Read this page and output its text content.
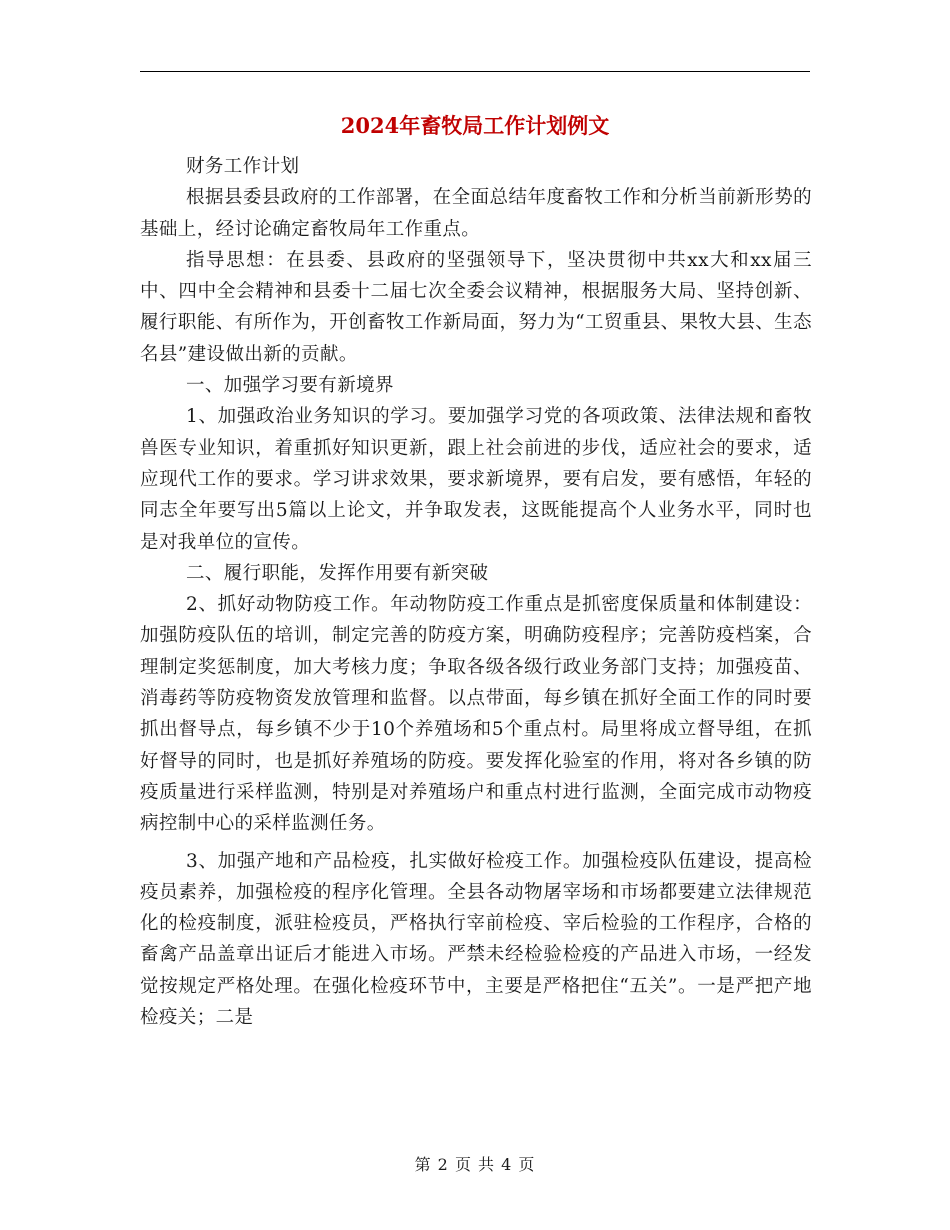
2024年畜牧局工作计划例文

财务工作计划

根据县委县政府的工作部署，在全面总结年度畜牧工作和分析当前新形势的基础上，经讨论确定畜牧局年工作重点。

指导思想：在县委、县政府的坚强领导下，坚决贯彻中共xx大和xx届三中、四中全会精神和县委十二届七次全委会议精神，根据服务大局、坚持创新、履行职能、有所作为，开创畜牧工作新局面，努力为“工贸重县、果牧大县、生态名县”建设做出新的贡献。

一、加强学习要有新境界

1、加强政治业务知识的学习。要加强学习党的各项政策、法律法规和畜牧兽医专业知识，着重抓好知识更新，跟上社会前进的步伐，适应社会的要求，适应现代工作的要求。学习讲求效果，要求新境界，要有启发，要有感悟，年轻的同志全年要写出5篇以上论文，并争取发表，这既能提高个人业务水平，同时也是对我单位的宣传。

二、履行职能，发挥作用要有新突破

2、抓好动物防疫工作。年动物防疫工作重点是抓密度保质量和体制建设：加强防疫队伍的培训，制定完善的防疫方案，明确防疫程序；完善防疫档案，合理制定奖惩制度，加大考核力度；争取各级各级行政业务部门支持；加强疫苗、消毒药等防疫物资发放管理和监督。以点带面，每乡镇在抓好全面工作的同时要抓出督导点，每乡镇不少于10个养殖场和5个重点村。局里将成立督导组，在抓好督导的同时，也是抓好养殖场的防疫。要发挥化验室的作用，将对各乡镇的防疫质量进行采样监测，特别是对养殖场户和重点村进行监测，全面完成市动物疫病控制中心的采样监测任务。

3、加强产地和产品检疫，扎实做好检疫工作。加强检疫队伍建设，提高检疫员素养，加强检疫的程序化管理。全县各动物屠宰场和市场都要建立法律规范化的检疫制度，派驻检疫员，严格执行宰前检疫、宰后检验的工作程序，合格的畜禽产品盖章出证后才能进入市场。严禁未经检验检疫的产品进入市场，一经发觉按规定严格处理。在强化检疫环节中，主要是严格把住“五关”。一是严把产地检疫关；二是

第 2 页 共 4 页
